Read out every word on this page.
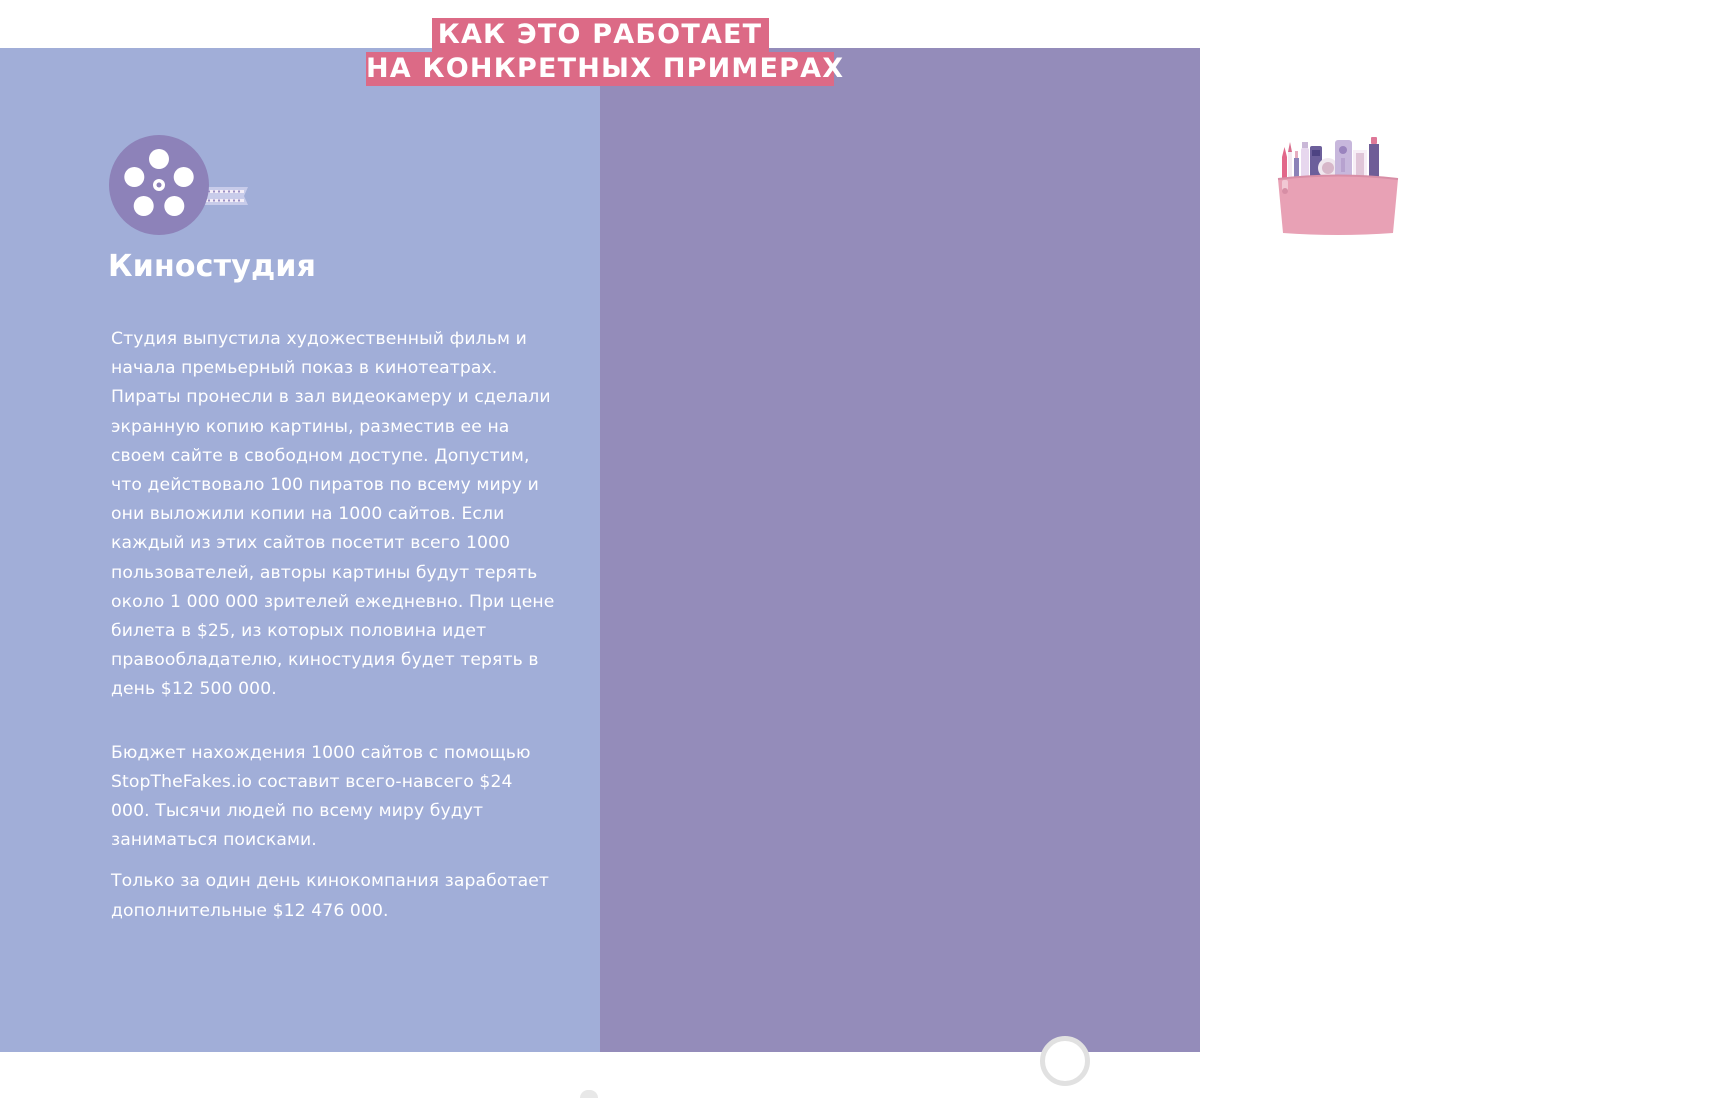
Киностудия

Студия выпустила художественный фильм и начала премьерный показ в кинотеатрах. Пираты пронесли в зал видеокамеру и сделали экранную копию картины, разместив ее на своем сайте в свободном доступе. Допустим, что действовало 100 пиратов по всему миру и они выложили копии на 1000 сайтов. Если каждый из этих сайтов посетит всего 1000 пользователей, авторы картины будут терять около 1 000 000 зрителей ежедневно. При цене билета в $25, из которых половина идет правообладателю, киностудия будет терять в день $12 500 000.

Бюджет нахождения 1000 сайтов с помощью StopTheFakes.io составит всего-навсего $24 000. Тысячи людей по всему миру будут заниматься поисками.

Только за один день кинокомпания заработает дополнительные $12 476 000.

Производитель
косметики

Компания производит широкий ассортимент косметических средств под собственным брендом. Продукция выводится на рынок европейской страны. Бюджет рекламной кампании - $500 000. Расходуются средства на открытие официального представительства и формирования дилерской сети. Начинаются продажи и тут обнаруживается, что раскрученный бренд активно подделывается и продается в небольших магазинах по низким ценам.

Допустим, что производитель рассчитывал на объем продаж в $1 500 000. Преступники предлагают товар под тем же брендом, но более низкого качества за полцены. Прогнозируемые потери составляют до половины суммы.

А стоимость выявления 50 торговых точек, продающих контрафакт, в сервисе StopTheFakes.io составит не более $2450. Дополнительная прибыль компании - $747 550.

КАК ЭТО РАБОТАЕТ
НА КОНКРЕТНЫХ ПРИМЕРАХ
